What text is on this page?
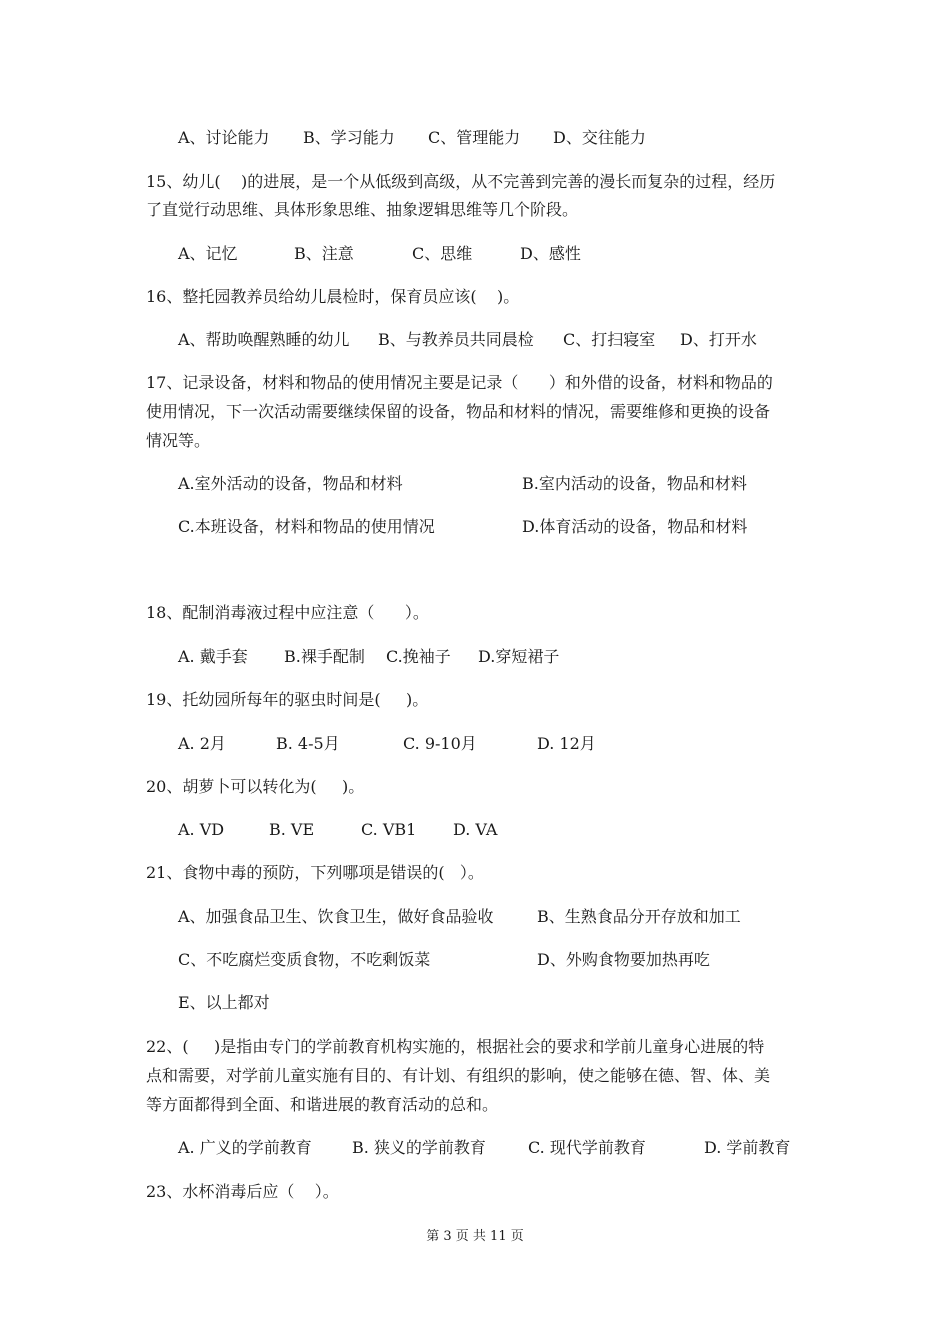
A、讨论能力 B、学习能力 C、管理能力 D、交往能力
15、幼儿(    )的进展，是一个从低级到高级，从不完善到完善的漫长而复杂的过程，经历
了直觉行动思维、具体形象思维、抽象逻辑思维等几个阶段。
A、记忆	B、注意	C、思维	D、感性
16、整托园教养员给幼儿晨检时，保育员应该(    )。
A、帮助唤醒熟睡的幼儿 B、与教养员共同晨检 C、打扫寝室 D、打开水
17、记录设备，材料和物品的使用情况主要是记录（      ）和外借的设备，材料和物品的
使用情况，下一次活动需要继续保留的设备，物品和材料的情况，需要维修和更换的设备
情况等。
A.室外活动的设备，物品和材料	B.室内活动的设备，物品和材料
C.本班设备，材料和物品的使用情况	D.体育活动的设备，物品和材料
18、配制消毒液过程中应注意（      ）。
A. 戴手套 B.裸手配制 C.挽袖子 D.穿短裙子
19、托幼园所每年的驱虫时间是(     )。
A. 2月	B. 4-5月	C. 9-10月	D. 12月
20、胡萝卜可以转化为(     )。
A. VD	B. VE	C. VB1 D. VA
21、食物中毒的预防，下列哪项是错误的(   ）。
A、加强食品卫生、饮食卫生，做好食品验收	B、生熟食品分开存放和加工
C、不吃腐烂变质食物，不吃剩饭菜	D、外购食物要加热再吃
E、以上都对
22、(     )是指由专门的学前教育机构实施的，根据社会的要求和学前儿童身心进展的特
点和需要，对学前儿童实施有目的、有计划、有组织的影响，使之能够在德、智、体、美
等方面都得到全面、和谐进展的教育活动的总和。
A. 广义的学前教育	B. 狭义的学前教育	C. 现代学前教育	D. 学前教育
23、水杯消毒后应（    ）。
第 3 页 共 11 页
